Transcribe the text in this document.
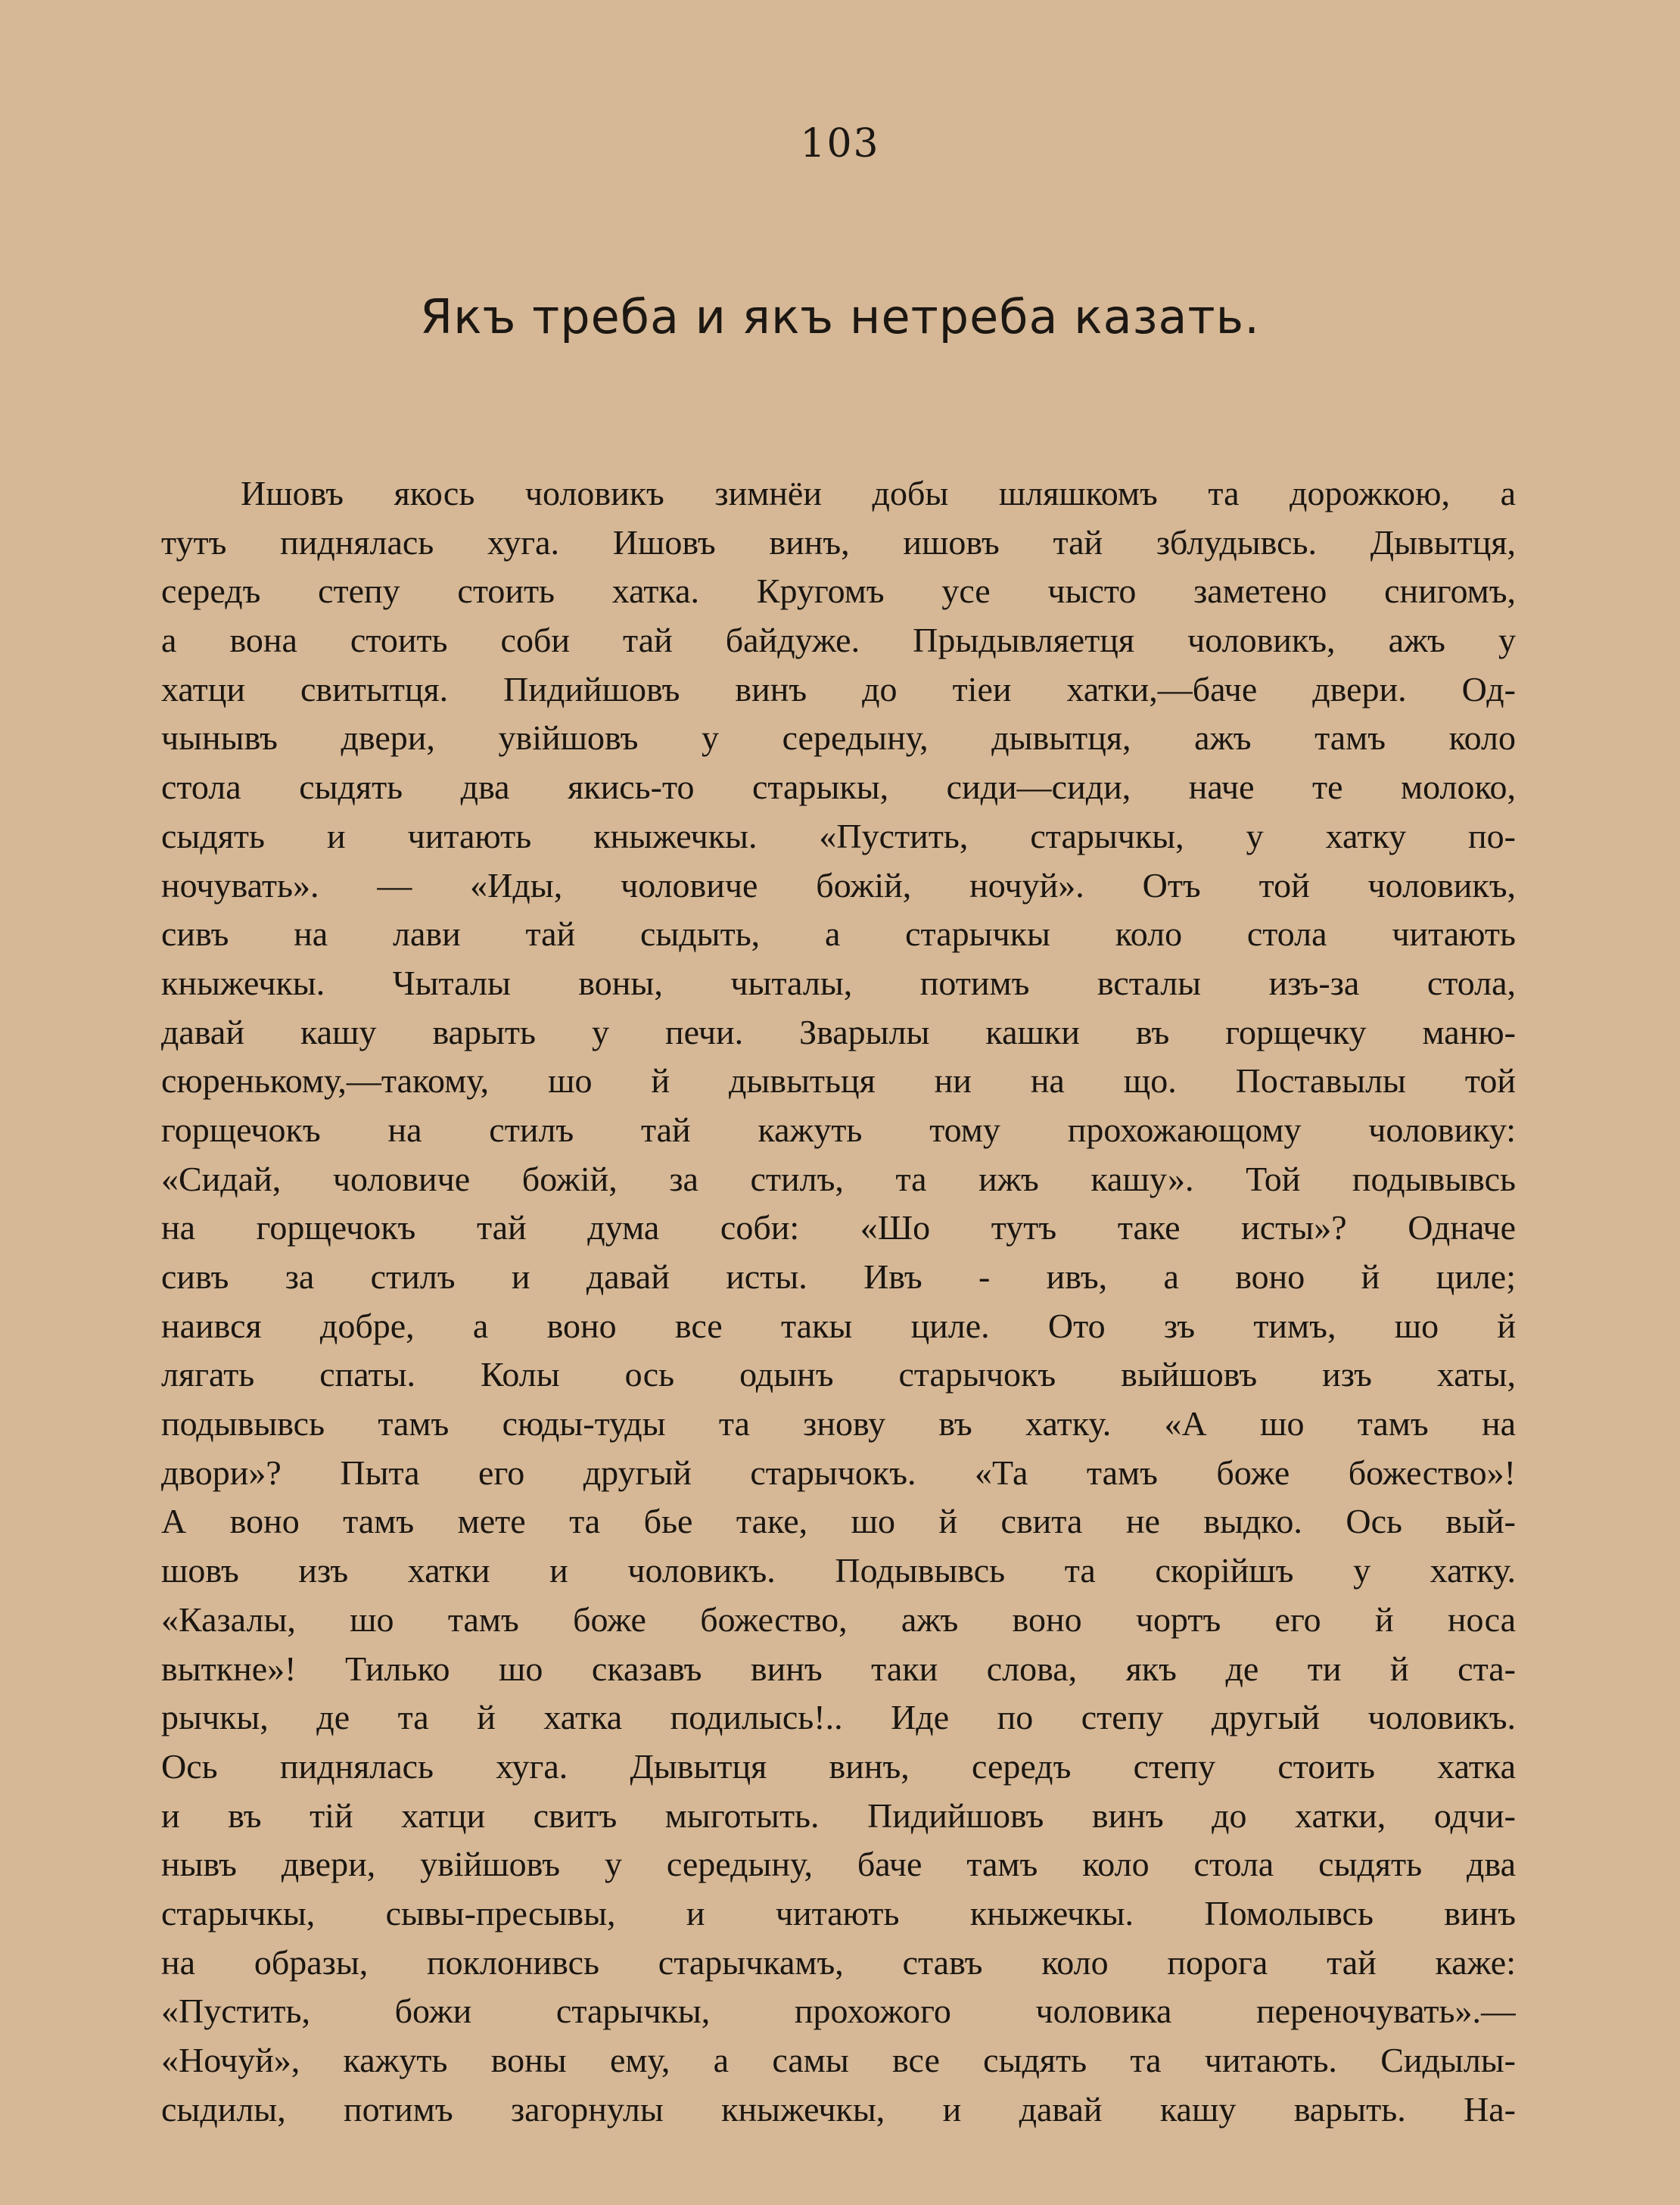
103
Якъ треба и якъ нетреба казать.
Ишовъ якось чоловикъ зимнёи добы шляшкомъ та дорожкою, а
тутъ пиднялась хуга. Ишовъ винъ, ишовъ тай зблудывсь. Дывытця,
середъ степу стоить хатка. Кругомъ усе чысто заметено снигомъ,
а вона стоить соби тай байдуже. Прыдывляетця чоловикъ, ажъ у
хатци свитытця. Пидийшовъ винъ до тіеи хатки,—баче двери. Од-
чынывъ двери, увійшовъ у середыну, дывытця, ажъ тамъ коло
стола сыдять два якись-то старыкы, сиди—сиди, наче те молоко,
сыдять и читають кныжечкы. «Пустить, старычкы, у хатку по-
ночувать». — «Иды, чоловиче божій, ночуй». Отъ той чоловикъ,
сивъ на лави тай сыдыть, а старычкы коло стола читають
кныжечкы. Чыталы воны, чыталы, потимъ всталы изъ-за стола,
давай кашу варыть у печи. Зварылы кашки въ горщечку маню-
сюренькому,—такому, шо й дывытьця ни на що. Поставылы той
горщечокъ на стилъ тай кажуть тому прохожающому чоловику:
«Сидай, чоловиче божій, за стилъ, та ижъ кашу». Той подывывсь
на горщечокъ тай дума соби: «Шо тутъ таке исты»? Одначе
сивъ за стилъ и давай исты. Ивъ - ивъ, а воно й циле;
наився добре, а воно все такы циле. Ото зъ тимъ, шо й
лягать спаты. Колы ось одынъ старычокъ выйшовъ изъ хаты,
подывывсь тамъ сюды-туды та знову въ хатку. «А шо тамъ на
двори»? Пыта его другый старычокъ. «Та тамъ боже божество»!
А воно тамъ мете та бье таке, шо й свита не выдко. Ось вый-
шовъ изъ хатки и чоловикъ. Подывывсь та скорійшъ у хатку.
«Казалы, шо тамъ боже божество, ажъ воно чортъ его й носа
выткне»! Тилько шо сказавъ винъ таки слова, якъ де ти й ста-
рычкы, де та й хатка подилысь!.. Иде по степу другый чоловикъ.
Ось пиднялась хуга. Дывытця винъ, середъ степу стоить хатка
и въ тій хатци свитъ мыготыть. Пидийшовъ винъ до хатки, одчи-
нывъ двери, увійшовъ у середыну, баче тамъ коло стола сыдять два
старычкы, сывы-пресывы, и читають кныжечкы. Помолывсь винъ
на образы, поклонивсь старычкамъ, ставъ коло порога тай каже:
«Пустить, божи старычкы, прохожого чоловика переночувать».—
«Ночуй», кажуть воны ему, а самы все сыдять та читають. Сидылы-
сыдилы, потимъ загорнулы кныжечкы, и давай кашу варыть. На-
